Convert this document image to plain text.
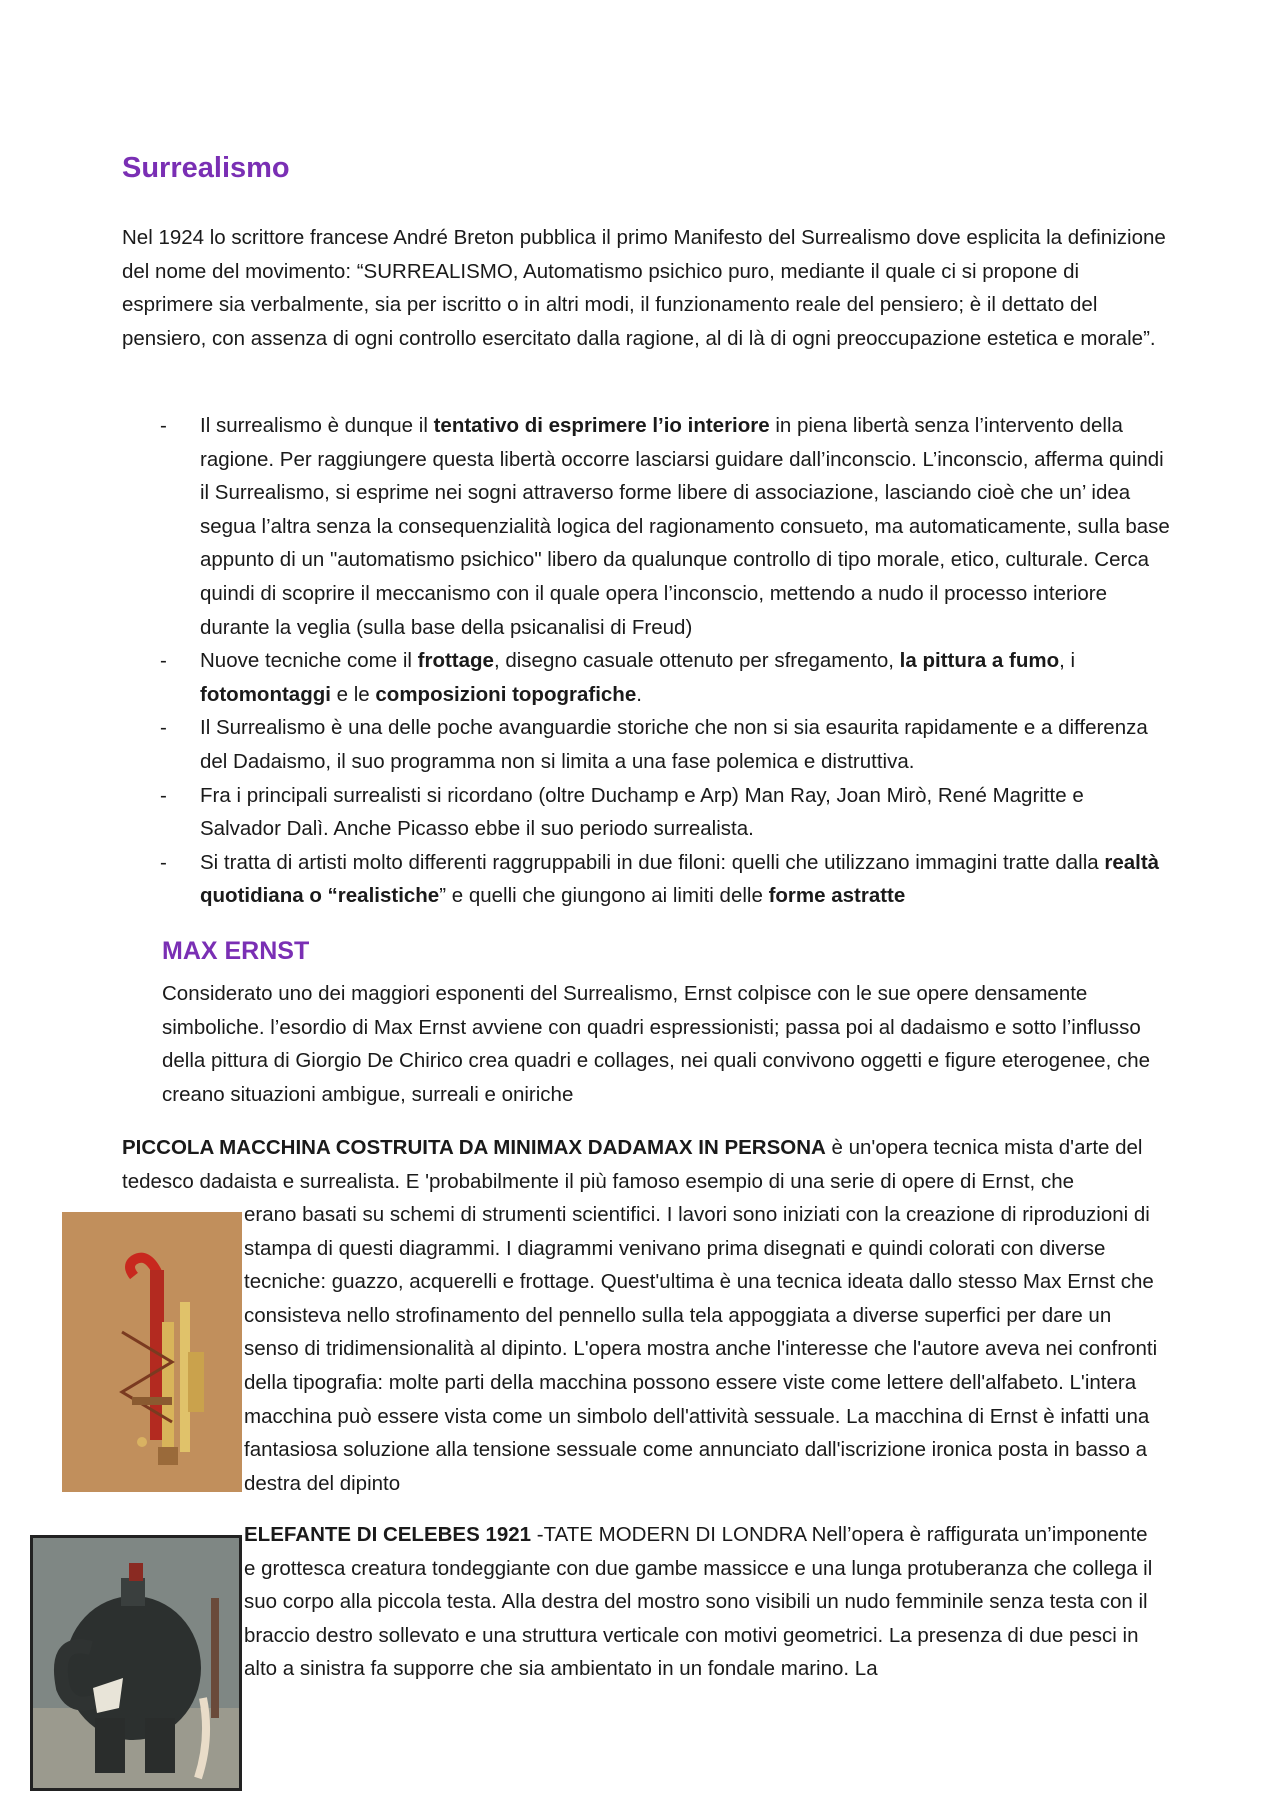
Surrealismo

Nel 1924 lo scrittore francese André Breton pubblica il primo Manifesto del Surrealismo dove esplicita la definizione del nome del movimento: “SURREALISMO, Automatismo psichico puro, mediante il quale ci si propone di esprimere sia verbalmente, sia per iscritto o in altri modi, il funzionamento reale del pensiero; è il dettato del pensiero, con assenza di ogni controllo esercitato dalla ragione, al di là di ogni preoccupazione estetica e morale”.

- Il surrealismo è dunque il tentativo di esprimere l’io interiore in piena libertà senza l’intervento della ragione. Per raggiungere questa libertà occorre lasciarsi guidare dall’inconscio. L’inconscio, afferma quindi il Surrealismo, si esprime nei sogni attraverso forme libere di associazione, lasciando cioè che un’ idea segua l’altra senza la consequenzialità logica del ragionamento consueto, ma automaticamente, sulla base appunto di un "automatismo psichico" libero da qualunque controllo di tipo morale, etico, culturale. Cerca quindi di scoprire il meccanismo con il quale opera l’inconscio, mettendo a nudo il processo interiore durante la veglia (sulla base della psicanalisi di Freud)
- Nuove tecniche come il frottage, disegno casuale ottenuto per sfregamento, la pittura a fumo, i fotomontaggi e le composizioni topografiche.
- Il Surrealismo è una delle poche avanguardie storiche che non si sia esaurita rapidamente e a differenza del Dadaismo, il suo programma non si limita a una fase polemica e distruttiva.
- Fra i principali surrealisti si ricordano (oltre Duchamp e Arp) Man Ray, Joan Mirò, René Magritte e Salvador Dalì. Anche Picasso ebbe il suo periodo surrealista.
- Si tratta di artisti molto differenti raggruppabili in due filoni: quelli che utilizzano immagini tratte dalla realtà quotidiana o “realistiche” e quelli che giungono ai limiti delle forme astratte
MAX ERNST

Considerato uno dei maggiori esponenti del Surrealismo, Ernst colpisce con le sue opere densamente simboliche. l’esordio di Max Ernst avviene con quadri espressionisti; passa poi al dadaismo e sotto l’influsso della pittura di Giorgio De Chirico crea quadri e collages, nei quali convivono oggetti e figure eterogenee, che creano situazioni ambigue, surreali e oniriche

PICCOLA MACCHINA COSTRUITA DA MINIMAX DADAMAX IN PERSONA è un'opera tecnica mista d'arte del tedesco dadaista e surrealista. E 'probabilmente il più famoso esempio di una serie di opere di Ernst, che

erano basati su schemi di strumenti scientifici. I lavori sono iniziati con la creazione di riproduzioni di stampa di questi diagrammi. I diagrammi venivano prima disegnati e quindi colorati con diverse tecniche: guazzo, acquerelli e frottage. Quest'ultima è una tecnica ideata dallo stesso Max Ernst che consisteva nello strofinamento del pennello sulla tela appoggiata a diverse superfici per dare un senso di tridimensionalità al dipinto. L'opera mostra anche l'interesse che l'autore aveva nei confronti della tipografia: molte parti della macchina possono essere viste come lettere dell'alfabeto. L'intera macchina può essere vista come un simbolo dell'attività sessuale. La macchina di Ernst è infatti una fantasiosa soluzione alla tensione sessuale come annunciato dall'iscrizione ironica posta in basso a destra del dipinto

ELEFANTE DI CELEBES 1921 -TATE MODERN DI LONDRA Nell’opera è raffigurata un’imponente e grottesca creatura tondeggiante con due gambe massicce e una lunga protuberanza che collega il suo corpo alla piccola testa. Alla destra del mostro sono visibili un nudo femminile senza testa con il braccio destro sollevato e una struttura verticale con motivi geometrici. La presenza di due pesci in alto a sinistra fa supporre che sia ambientato in un fondale marino. La
